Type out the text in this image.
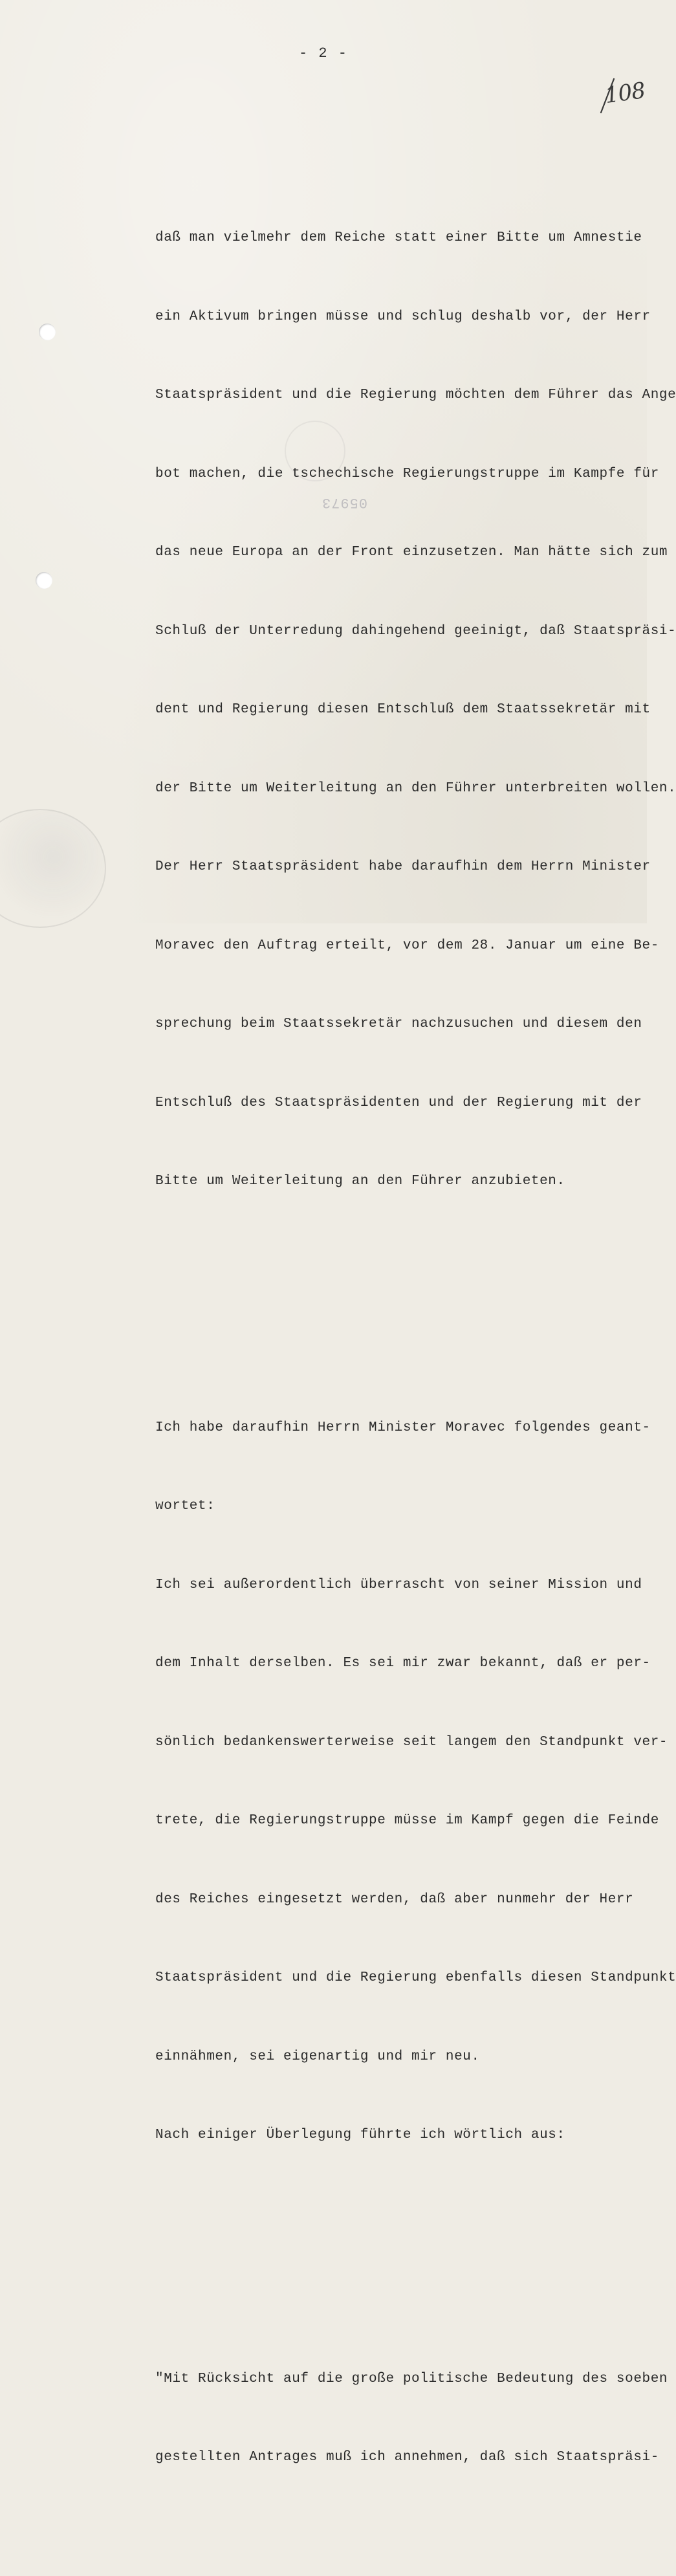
- 2 -
108
05973

daß man vielmehr dem Reiche statt einer Bitte um Amnestie

ein Aktivum bringen müsse und schlug deshalb vor, der Herr

Staatspräsident und die Regierung möchten dem Führer das Ange

bot machen, die tschechische Regierungstruppe im Kampfe für

das neue Europa an der Front einzusetzen. Man hätte sich zum

Schluß der Unterredung dahingehend geeinigt, daß Staatspräsi-

dent und Regierung diesen Entschluß dem Staatssekretär mit

der Bitte um Weiterleitung an den Führer unterbreiten wollen.

Der Herr Staatspräsident habe daraufhin dem Herrn Minister

Moravec den Auftrag erteilt, vor dem 28. Januar um eine Be-

sprechung beim Staatssekretär nachzusuchen und diesem den

Entschluß des Staatspräsidenten und der Regierung mit der

Bitte um Weiterleitung an den Führer anzubieten.

Ich habe daraufhin Herrn Minister Moravec folgendes geant-

wortet:

Ich sei außerordentlich überrascht von seiner Mission und

dem Inhalt derselben. Es sei mir zwar bekannt, daß er per-

sönlich bedankenswerterweise seit langem den Standpunkt ver-

trete, die Regierungstruppe müsse im Kampf gegen die Feinde

des Reiches eingesetzt werden, daß aber nunmehr der Herr

Staatspräsident und die Regierung ebenfalls diesen Standpunkt

einnähmen, sei eigenartig und mir neu.

Nach einiger Überlegung führte ich wörtlich aus:

"Mit Rücksicht auf die große politische Bedeutung des soeben

gestellten Antrages muß ich annehmen, daß sich Staatspräsi-
